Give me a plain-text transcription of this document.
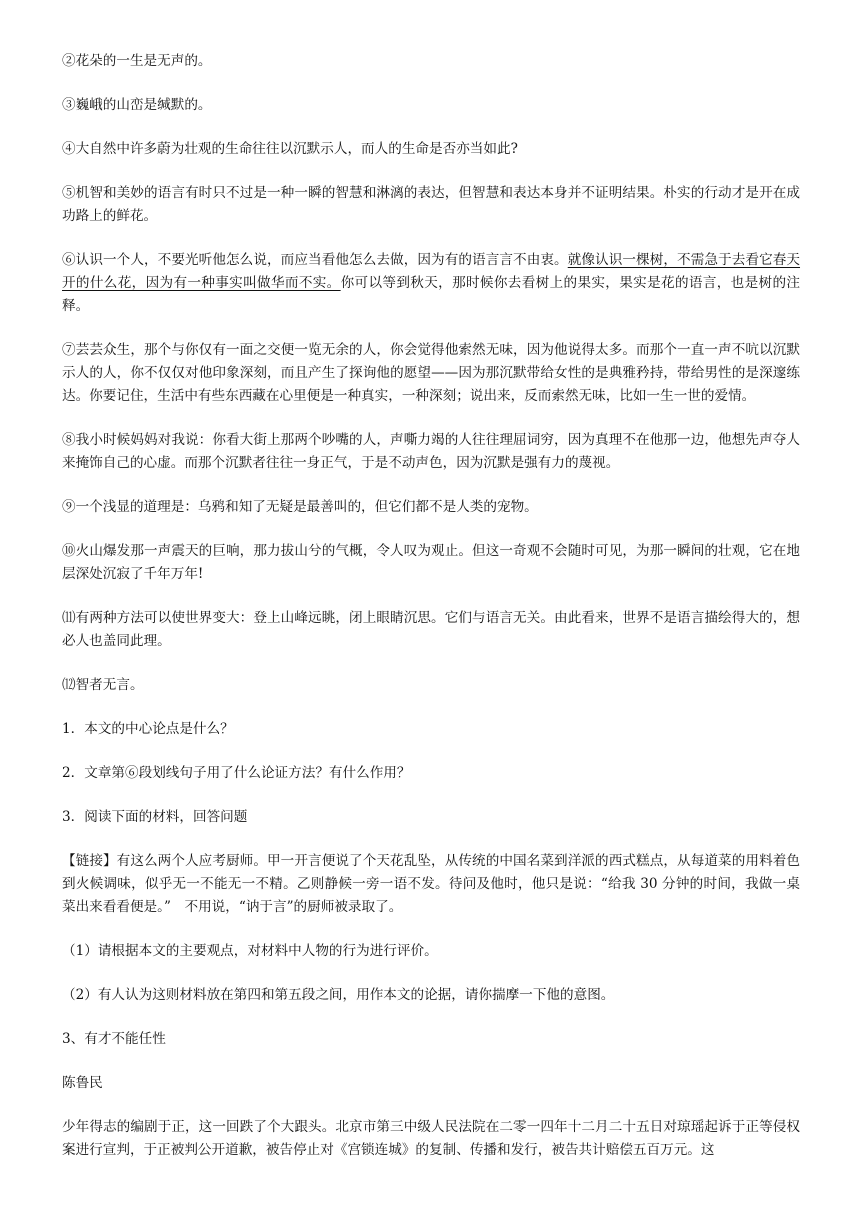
②花朵的一生是无声的。

③巍峨的山峦是缄默的。

④大自然中许多蔚为壮观的生命往往以沉默示人，而人的生命是否亦当如此?

⑤机智和美妙的语言有时只不过是一种一瞬的智慧和淋漓的表达，但智慧和表达本身并不证明结果。朴实的行动才是开在成功路上的鲜花。

⑥认识一个人，不要光听他怎么说，而应当看他怎么去做，因为有的语言言不由衷。就像认识一棵树，不需急于去看它春天开的什么花，因为有一种事实叫做华而不实。你可以等到秋天，那时候你去看树上的果实，果实是花的语言，也是树的注释。

⑦芸芸众生，那个与你仅有一面之交便一览无余的人，你会觉得他索然无味，因为他说得太多。而那个一直一声不吭以沉默示人的人，你不仅仅对他印象深刻，而且产生了探询他的愿望——因为那沉默带给女性的是典雅矜持，带给男性的是深邃练达。你要记住，生活中有些东西藏在心里便是一种真实，一种深刻；说出来，反而索然无味，比如一生一世的爱情。

⑧我小时候妈妈对我说：你看大街上那两个吵嘴的人，声嘶力竭的人往往理屈词穷，因为真理不在他那一边，他想先声夺人来掩饰自己的心虚。而那个沉默者往往一身正气，于是不动声色，因为沉默是强有力的蔑视。

⑨一个浅显的道理是：乌鸦和知了无疑是最善叫的，但它们都不是人类的宠物。

⑩火山爆发那一声震天的巨响，那力拔山兮的气概，令人叹为观止。但这一奇观不会随时可见，为那一瞬间的壮观，它在地层深处沉寂了千年万年!

⑾有两种方法可以使世界变大：登上山峰远眺，闭上眼睛沉思。它们与语言无关。由此看来，世界不是语言描绘得大的，想必人也盖同此理。

⑿智者无言。

1．本文的中心论点是什么？

2．文章第⑥段划线句子用了什么论证方法？有什么作用？

3．阅读下面的材料，回答问题

【链接】有这么两个人应考厨师。甲一开言便说了个天花乱坠，从传统的中国名菜到洋派的西式糕点，从每道菜的用料着色到火候调味，似乎无一不能无一不精。乙则静候一旁一语不发。待问及他时，他只是说：“给我 30 分钟的时间，我做一桌菜出来看看便是。”　不用说，“讷于言”的厨师被录取了。

（1）请根据本文的主要观点，对材料中人物的行为进行评价。

（2）有人认为这则材料放在第四和第五段之间，用作本文的论据，请你揣摩一下他的意图。

3、有才不能任性

陈鲁民

少年得志的编剧于正，这一回跌了个大跟头。北京市第三中级人民法院在二零一四年十二月二十五日对琼瑶起诉于正等侵权案进行宣判，于正被判公开道歉，被告停止对《宫锁连城》的复制、传播和发行，被告共计赔偿五百万元。这
